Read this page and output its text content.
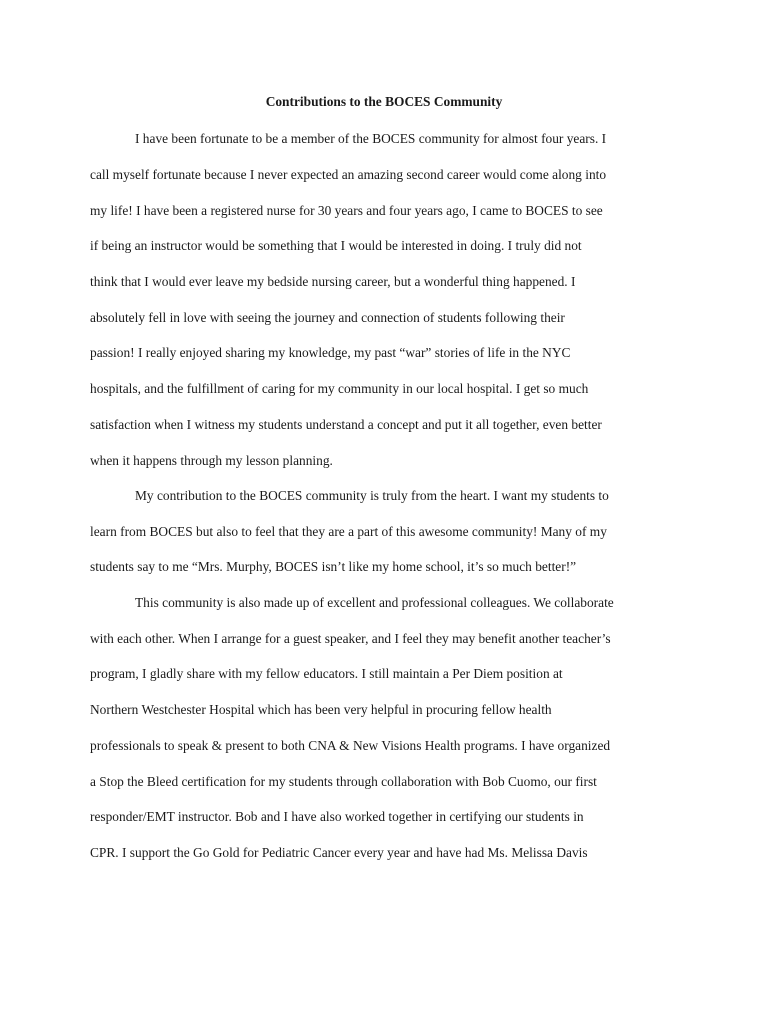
Contributions to the BOCES Community
I have been fortunate to be a member of the BOCES community for almost four years. I
call myself fortunate because I never expected an amazing second career would come along into
my life! I have been a registered nurse for 30 years and four years ago, I came to BOCES to see
if being an instructor would be something that I would be interested in doing. I truly did not
think that I would ever leave my bedside nursing career, but a wonderful thing happened. I
absolutely fell in love with seeing the journey and connection of students following their
passion! I really enjoyed sharing my knowledge, my past “war” stories of life in the NYC
hospitals, and the fulfillment of caring for my community in our local hospital. I get so much
satisfaction when I witness my students understand a concept and put it all together, even better
when it happens through my lesson planning.
My contribution to the BOCES community is truly from the heart. I want my students to
learn from BOCES but also to feel that they are a part of this awesome community! Many of my
students say to me “Mrs. Murphy, BOCES isn’t like my home school, it’s so much better!”
This community is also made up of excellent and professional colleagues. We collaborate
with each other. When I arrange for a guest speaker, and I feel they may benefit another teacher’s
program, I gladly share with my fellow educators. I still maintain a Per Diem position at
Northern Westchester Hospital which has been very helpful in procuring fellow health
professionals to speak & present to both CNA & New Visions Health programs. I have organized
a Stop the Bleed certification for my students through collaboration with Bob Cuomo, our first
responder/EMT instructor. Bob and I have also worked together in certifying our students in
CPR. I support the Go Gold for Pediatric Cancer every year and have had Ms. Melissa Davis
